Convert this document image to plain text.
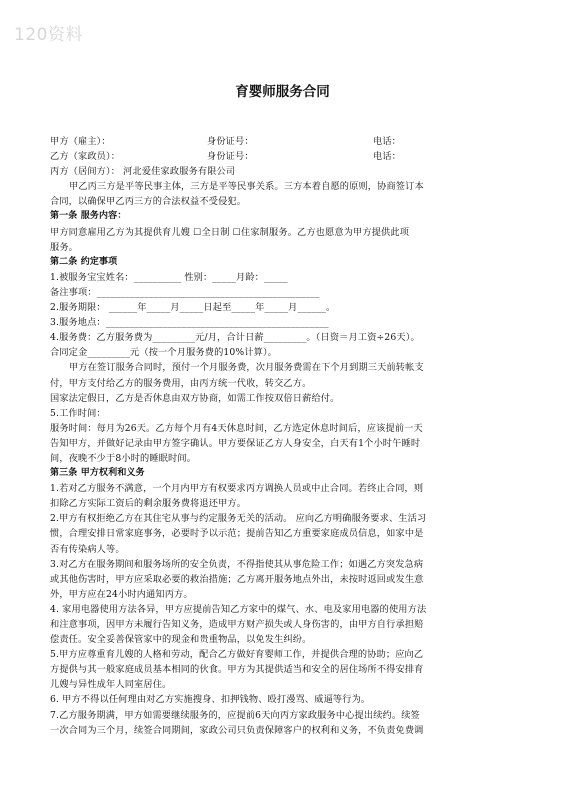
120资料
育婴师服务合同
甲方（雇主）：	身份证号：	电话：
乙方（家政员）：	身份证号：	电话：
丙方（居间方）： 河北爱佳家政服务有限公司
甲乙丙三方是平等民事主体，三方是平等民事关系。三方本着自愿的原则，协商签订本
合同，以确保甲乙丙三方的合法权益不受侵犯。
第一条 服务内容：
甲方同意雇用乙方为其提供育儿嫂 ☐全日制 ☐住家制服务。乙方也愿意为甲方提供此项
服务。
第二条 约定事项
1.被服务宝宝姓名：__________ 性别：_____月龄：_____
备注事项：_______________________________________________
2.服务期限： ______年_____月_____日起至_____年_____月______。
3.服务地点：_______________________________________________
4.服务费：乙方服务费为_________元/月，合计日薪_________。（日资＝月工资÷26天）。
合同定金_________元（按一个月服务费的10%计算）。
甲方在签订服务合同时，预付一个月服务费，次月服务费需在下个月到期三天前转帐支
付，甲方支付给乙方的服务费用，由丙方统一代收，转交乙方。
国家法定假日，乙方是否休息由双方协商，如需工作按双倍日薪给付。
5.工作时间：
服务时间：每月为26天。乙方每个月有4天休息时间，乙方选定休息时间后，应该提前一天
告知甲方，并做好记录由甲方签字确认。甲方要保证乙方人身安全，白天有1个小时午睡时
间，夜晚不少于8小时的睡眠时间。
第三条 甲方权利和义务
1.若对乙方服务不满意，一个月内甲方有权要求丙方调换人员或中止合同。若终止合同，则
扣除乙方实际工资后的剩余服务费将退还甲方。
2.甲方有权拒绝乙方在其住宅从事与约定服务无关的活动。 应向乙方明确服务要求、生活习
惯，合理安排日常家庭事务，必要时予以示范；提前告知乙方重要家庭成员信息，如家中是
否有传染病人等。
3.对乙方在服务期间和服务场所的安全负责，不得指使其从事危险工作；如遇乙方突发急病
或其他伤害时，甲方应采取必要的救治措施；乙方离开服务地点外出，未按时返回或发生意
外，甲方应在24小时内通知丙方。
4. 家用电器使用方法各异，甲方应提前告知乙方家中的煤气、水、电及家用电器的使用方法
和注意事项，因甲方未履行告知义务，造成甲方财产损失或人身伤害的，由甲方自行承担赔
偿责任。安全妥善保管家中的现金和贵重物品，以免发生纠纷。
5.甲方应尊重育儿嫂的人格和劳动，配合乙方做好育婴师工作，并提供合理的协助；应向乙
方提供与其一般家庭成员基本相同的伙食。甲方为其提供适当和安全的居住场所不得安排育
儿嫂与异性成年人同室居住。
6. 甲方不得以任何理由对乙方实施搜身、扣押钱物、殴打漫骂、威逼等行为。
7.乙方服务期满，甲方如需要继续服务的，应提前6天向丙方家政服务中心提出续约。续签
一次合同为三个月，续签合同期间，家政公司只负责保障客户的权利和义务，不负责免费调
